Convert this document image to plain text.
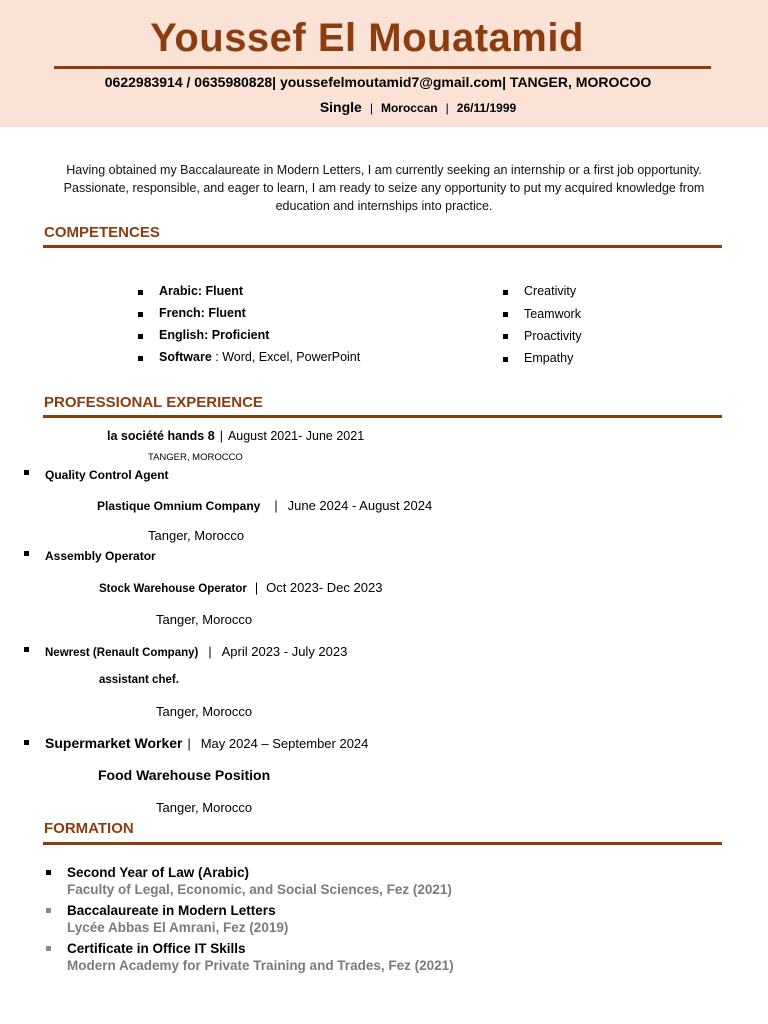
Youssef El Mouatamid
0622983914 / 0635980828| youssefelmoutamid7@gmail.com| TANGER, MOROCOO
Single | Moroccan | 26/11/1999
Having obtained my Baccalaureate in Modern Letters, I am currently seeking an internship or a first job opportunity. Passionate, responsible, and eager to learn, I am ready to seize any opportunity to put my acquired knowledge from education and internships into practice.
COMPETENCES
Arabic: Fluent
French: Fluent
English: Proficient
Software : Word, Excel, PowerPoint
Creativity
Teamwork
Proactivity
Empathy
PROFESSIONAL EXPERIENCE
la société hands 8 | August 2021- June 2021
TANGER, MOROCCO
Quality Control Agent
Plastique Omnium Company | June 2024 - August 2024
Tanger, Morocco
Assembly Operator
Stock Warehouse Operator | Oct 2023- Dec 2023
Tanger, Morocco
Newrest (Renault Company) | April 2023 - July 2023
assistant chef.
Tanger, Morocco
Supermarket Worker | May 2024 – September 2024
Food Warehouse Position
Tanger, Morocco
FORMATION
Second Year of Law (Arabic)
Faculty of Legal, Economic, and Social Sciences, Fez (2021)
Baccalaureate in Modern Letters
Lycée Abbas El Amrani, Fez (2019)
Certificate in Office IT Skills
Modern Academy for Private Training and Trades, Fez (2021)
